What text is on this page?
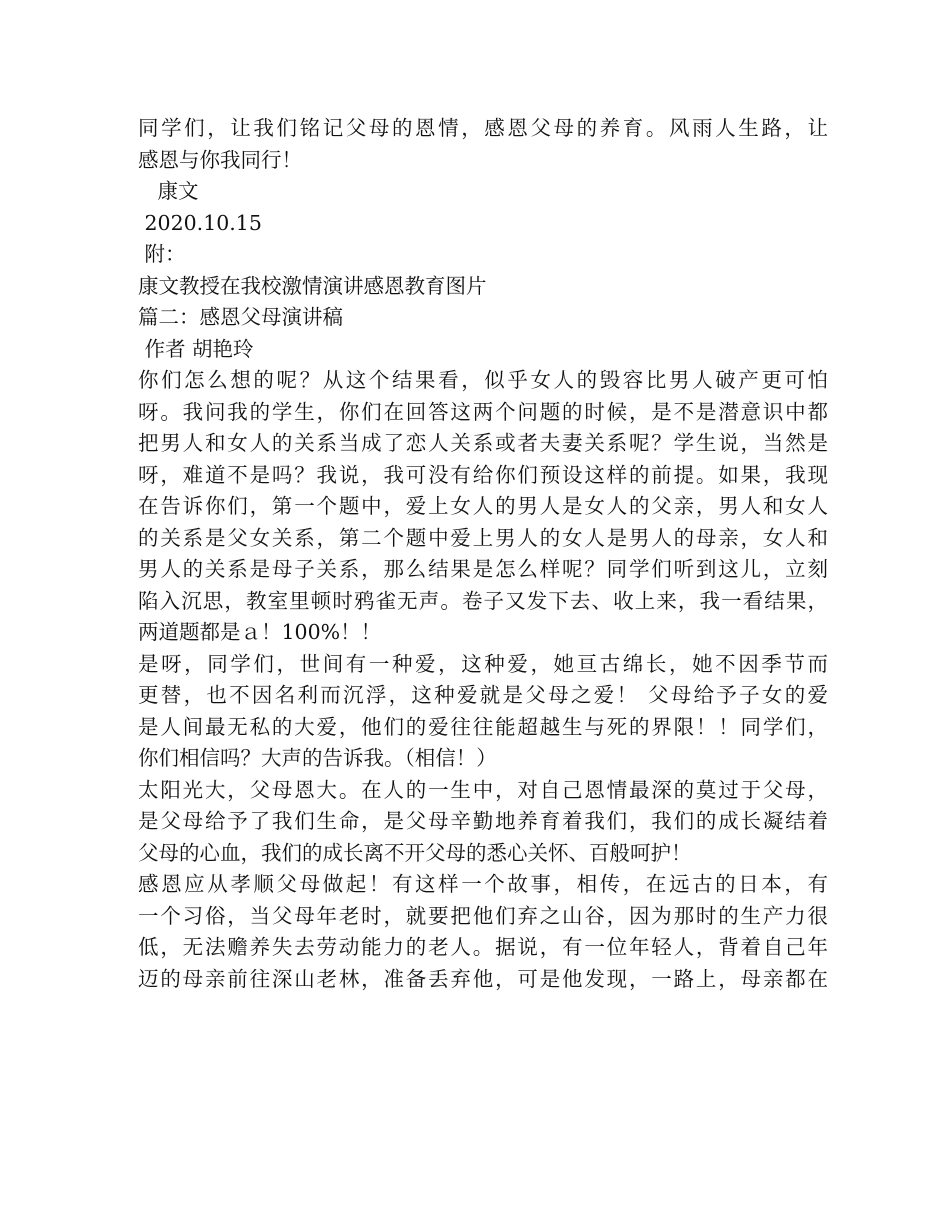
同学们，让我们铭记父母的恩情，感恩父母的养育。风雨人生路，让
感恩与你我同行！
康文
2020.10.15
附：
康文教授在我校激情演讲感恩教育图片
篇二：感恩父母演讲稿
作者 胡艳玲
你们怎么想的呢？从这个结果看，似乎女人的毁容比男人破产更可怕
呀。我问我的学生，你们在回答这两个问题的时候，是不是潜意识中都
把男人和女人的关系当成了恋人关系或者夫妻关系呢？学生说，当然是
呀，难道不是吗？我说，我可没有给你们预设这样的前提。如果，我现
在告诉你们，第一个题中，爱上女人的男人是女人的父亲，男人和女人
的关系是父女关系，第二个题中爱上男人的女人是男人的母亲，女人和
男人的关系是母子关系，那么结果是怎么样呢？同学们听到这儿，立刻
陷入沉思，教室里顿时鸦雀无声。卷子又发下去、收上来，我一看结果，
两道题都是ａ！100%！！
是呀，同学们，世间有一种爱，这种爱，她亘古绵长，她不因季节而
更替，也不因名利而沉浮，这种爱就是父母之爱！ 父母给予子女的爱
是人间最无私的大爱，他们的爱往往能超越生与死的界限！！同学们，
你们相信吗？大声的告诉我。（相信！）
太阳光大，父母恩大。在人的一生中，对自己恩情最深的莫过于父母，
是父母给予了我们生命，是父母辛勤地养育着我们，我们的成长凝结着
父母的心血，我们的成长离不开父母的悉心关怀、百般呵护！
感恩应从孝顺父母做起！有这样一个故事，相传，在远古的日本，有
一个习俗，当父母年老时，就要把他们弃之山谷，因为那时的生产力很
低，无法赡养失去劳动能力的老人。据说，有一位年轻人，背着自己年
迈的母亲前往深山老林，准备丢弃他，可是他发现，一路上，母亲都在
